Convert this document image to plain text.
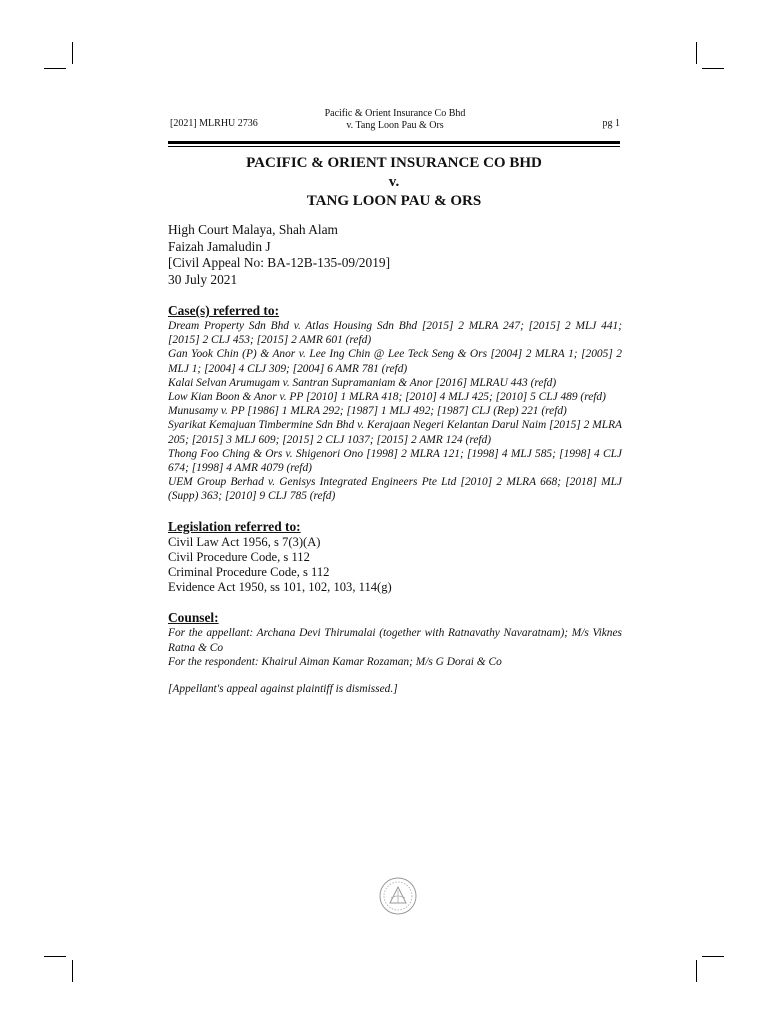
[2021] MLRHU 2736
Pacific & Orient Insurance Co Bhd
v. Tang Loon Pau & Ors	pg 1
PACIFIC & ORIENT INSURANCE CO BHD
v.
TANG LOON PAU & ORS
High Court Malaya, Shah Alam
Faizah Jamaludin J
[Civil Appeal No: BA-12B-135-09/2019]
30 July 2021
Case(s) referred to:
Dream Property Sdn Bhd v. Atlas Housing Sdn Bhd [2015] 2 MLRA 247; [2015] 2 MLJ 441; [2015] 2 CLJ 453; [2015] 2 AMR 601 (refd)
Gan Yook Chin (P) & Anor v. Lee Ing Chin @ Lee Teck Seng & Ors [2004] 2 MLRA 1; [2005] 2 MLJ 1; [2004] 4 CLJ 309; [2004] 6 AMR 781 (refd)
Kalai Selvan Arumugam v. Santran Supramaniam & Anor [2016] MLRAU 443 (refd)
Low Kian Boon & Anor v. PP [2010] 1 MLRA 418; [2010] 4 MLJ 425; [2010] 5 CLJ 489 (refd)
Munusamy v. PP [1986] 1 MLRA 292; [1987] 1 MLJ 492; [1987] CLJ (Rep) 221 (refd)
Syarikat Kemajuan Timbermine Sdn Bhd v. Kerajaan Negeri Kelantan Darul Naim [2015] 2 MLRA 205; [2015] 3 MLJ 609; [2015] 2 CLJ 1037; [2015] 2 AMR 124 (refd)
Thong Foo Ching & Ors v. Shigenori Ono [1998] 2 MLRA 121; [1998] 4 MLJ 585; [1998] 4 CLJ 674; [1998] 4 AMR 4079 (refd)
UEM Group Berhad v. Genisys Integrated Engineers Pte Ltd [2010] 2 MLRA 668; [2018] MLJ (Supp) 363; [2010] 9 CLJ 785 (refd)
Legislation referred to:
Civil Law Act 1956, s 7(3)(A)
Civil Procedure Code, s 112
Criminal Procedure Code, s 112
Evidence Act 1950, ss 101, 102, 103, 114(g)
Counsel:
For the appellant: Archana Devi Thirumalai (together with Ratnavathy Navaratnam); M/s Viknes Ratna & Co
For the respondent: Khairul Aiman Kamar Rozaman; M/s G Dorai & Co
[Appellant's appeal against plaintiff is dismissed.]
